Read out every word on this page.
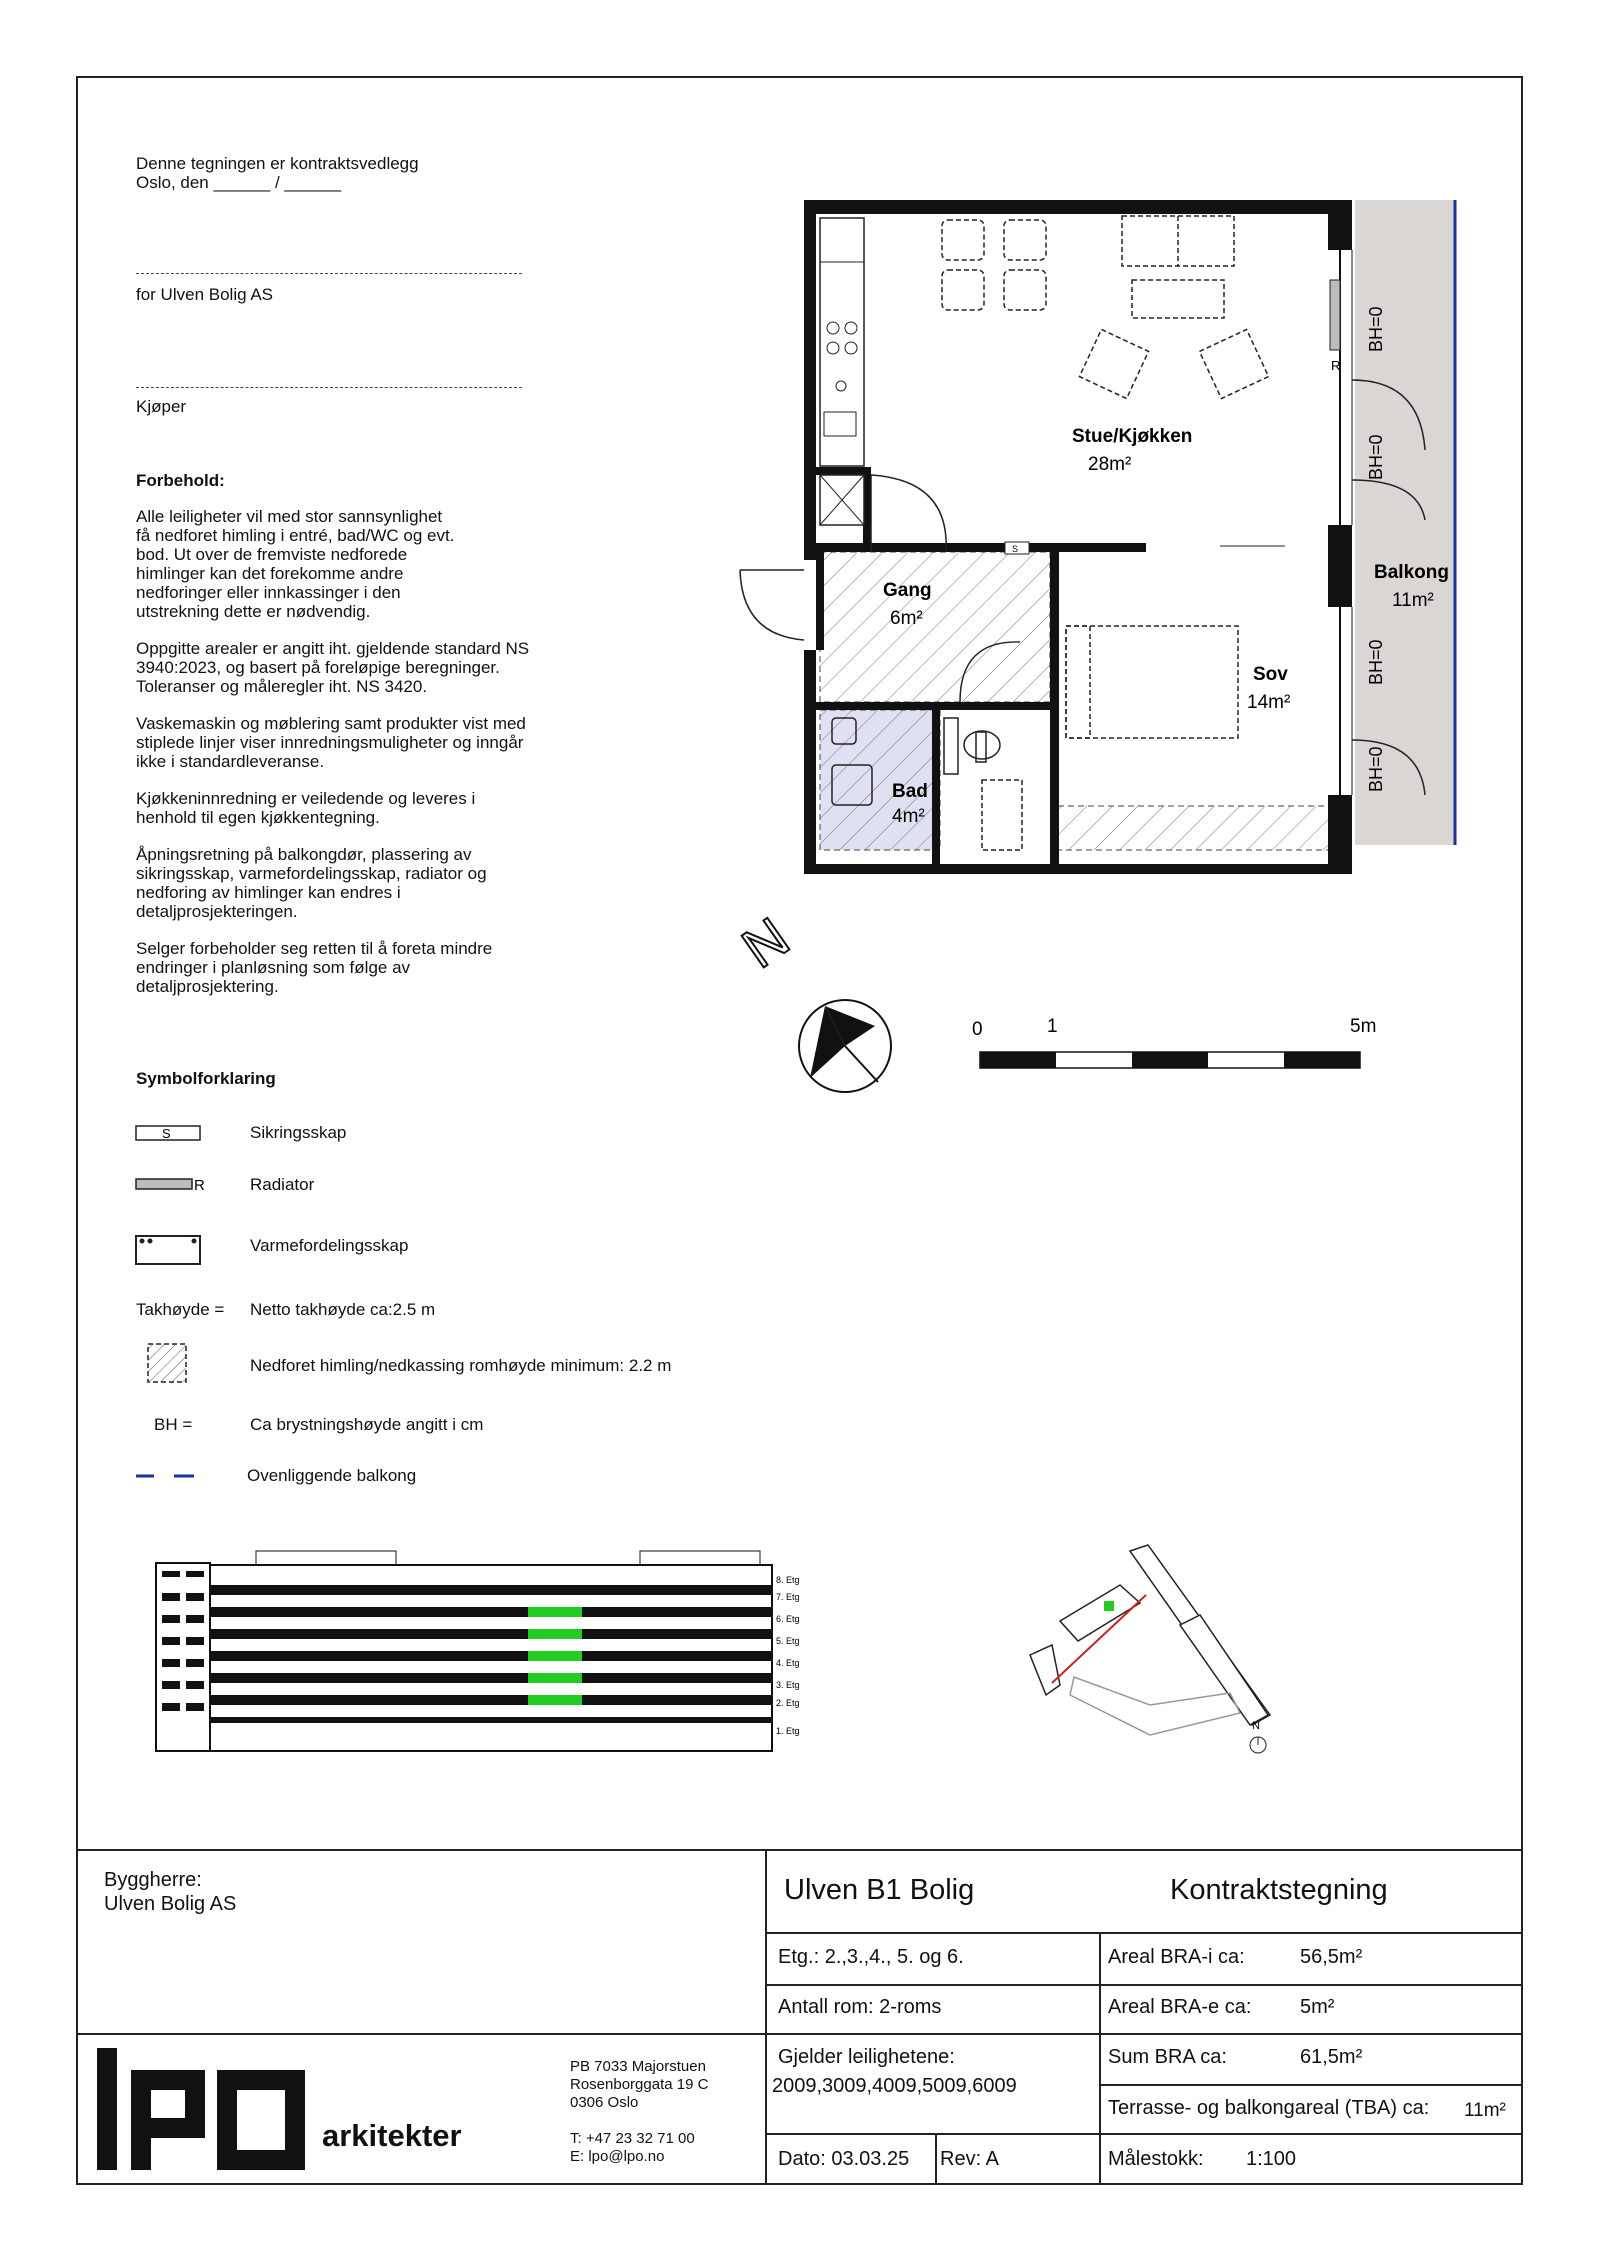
Denne tegningen er kontraktsvedlegg
Oslo, den ______ / ______
for Ulven Bolig AS
Kjøper
Forbehold:
Alle leiligheter vil med stor sannsynlighet
få nedforet himling i entré, bad/WC og evt.
bod. Ut over de fremviste nedforede
himlinger kan det forekomme andre
nedforinger eller innkassinger i den
utstrekning dette er nødvendig.
Oppgitte arealer er angitt iht. gjeldende standard NS
3940:2023, og basert på foreløpige beregninger.
Toleranser og måleregler iht. NS 3420.
Vaskemaskin og møblering samt produkter vist med
stiplede linjer viser innredningsmuligheter og inngår
ikke i standardleveranse.
Kjøkkeninnredning er veiledende og leveres i
henhold til egen kjøkkentegning.
Åpningsretning på balkongdør, plassering av
sikringsskap, varmefordelingsskap, radiator og
nedforing av himlinger kan endres i
detaljprosjekteringen.
Selger forbeholder seg retten til å foreta mindre
endringer i planløsning som følge av
detaljprosjektering.
Symbolforklaring
S
R
Sikringsskap
Radiator
Varmefordelingsskap
Takhøyde = Netto takhøyde ca:2.5 m
Nedforet himling/nedkassing romhøyde minimum: 2.2 m
BH =	Ca brystningshøyde angitt i cm
Ovenliggende balkong
R
S
Stue/Kjøkken
28m²
Gang
6m²
Sov
14m²
Bad
4m²
Balkong
11m²
BH=0
BH=0
BH=0
BH=0
N
0	1	5m
8. Etg
7. Etg
6. Etg
5. Etg
4. Etg
3. Etg
2. Etg
1. Etg	N
Byggherre:
Ulven Bolig AS	Ulven B1 Bolig	Kontraktstegning
Etg.: 2.,3.,4., 5. og 6.
Antall rom: 2-roms
Gjelder leilighetene:
2009,3009,4009,5009,6009
Dato: 03.03.25 Rev: A
Areal BRA-i ca:	56,5m²
Areal BRA-e ca: 5m²
Sum BRA ca:	61,5m²
Terrasse- og balkongareal (TBA) ca: 11m²
Målestokk: 1:100
arkitekter
PB 7033 Majorstuen
Rosenborggata 19 C
0306 Oslo
T: +47 23 32 71 00
E: lpo@lpo.no
